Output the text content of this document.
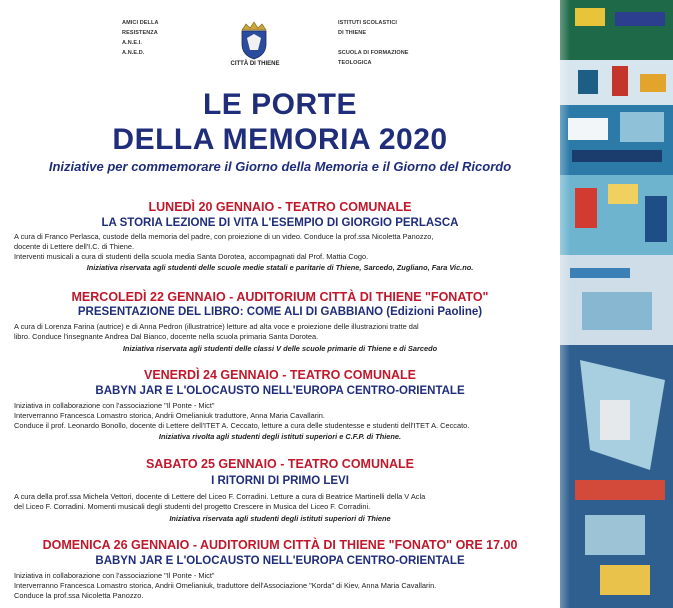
AMICI DELLA
RESISTENZA
A.N.E.I.
A.N.E.D.
CITTÀ DI THIENE
ISTITUTI SCOLASTICI
DI THIENE

SCUOLA DI FORMAZIONE
TEOLOGICA
LE PORTE
DELLA MEMORIA 2020
Iniziative per commemorare il Giorno della Memoria e il Giorno del Ricordo
LUNEDÌ 20 GENNAIO - TEATRO COMUNALE
LA STORIA LEZIONE DI VITA L'ESEMPIO DI GIORGIO PERLASCA
A cura di Franco Perlasca, custode della memoria del padre, con proiezione di un video. Conduce la prof.ssa Nicoletta Panozzo,
docente di Lettere dell'I.C. di Thiene.
Interventi musicali a cura di studenti della scuola media Santa Dorotea, accompagnati dal Prof. Mattia Cogo.
Iniziativa riservata agli studenti delle scuole medie statali e paritarie di Thiene, Sarcedo, Zugliano, Fara Vic.no.
MERCOLEDÌ 22 GENNAIO - AUDITORIUM CITTÀ DI THIENE "FONATO"
PRESENTAZIONE DEL LIBRO: COME ALI DI GABBIANO (Edizioni Paoline)
A cura di Lorenza Farina (autrice) e di Anna Pedron (illustratrice) letture ad alta voce e proiezione delle illustrazioni tratte dal
libro. Conduce l'insegnante Andrea Dal Bianco, docente nella scuola primaria Santa Dorotea.
Iniziativa riservata agli studenti delle classi V delle scuole primarie di Thiene e di Sarcedo
VENERDÌ 24 GENNAIO - TEATRO COMUNALE
BABYN JAR E L'OLOCAUSTO NELL'EUROPA CENTRO-ORIENTALE
Iniziativa in collaborazione con l'associazione "Il Ponte - Mict"
Interverranno Francesca Lomastro storica, Andrii Omelianiuk traduttore, Anna Maria Cavallarin.
Conduce il prof. Leonardo Bonollo, docente di Lettere dell'ITET A. Ceccato, letture a cura delle studentesse e studenti dell'ITET A. Ceccato.
Iniziativa rivolta agli studenti degli istituti superiori e C.F.P. di Thiene.
SABATO 25 GENNAIO - TEATRO COMUNALE
I RITORNI DI PRIMO LEVI
A cura della prof.ssa Michela Vettori, docente di Lettere del Liceo F. Corradini. Letture a cura di Beatrice Martinelli della V Acla
del Liceo F. Corradini. Momenti musicali degli studenti del progetto Crescere in Musica del Liceo F. Corradini.
Iniziativa riservata agli studenti degli istituti superiori di Thiene
DOMENICA 26 GENNAIO - AUDITORIUM CITTÀ DI THIENE "FONATO" ORE 17.00
BABYN JAR E L'OLOCAUSTO NELL'EUROPA CENTRO-ORIENTALE
Iniziativa in collaborazione con l'associazione "Il Ponte - Mict"
Interverranno Francesca Lomastro storica, Andrii Omelianiuk, traduttore dell'Associazione "Korda" di Kiev, Anna Maria Cavallarin.
Conduce la prof.ssa Nicoletta Panozzo.
